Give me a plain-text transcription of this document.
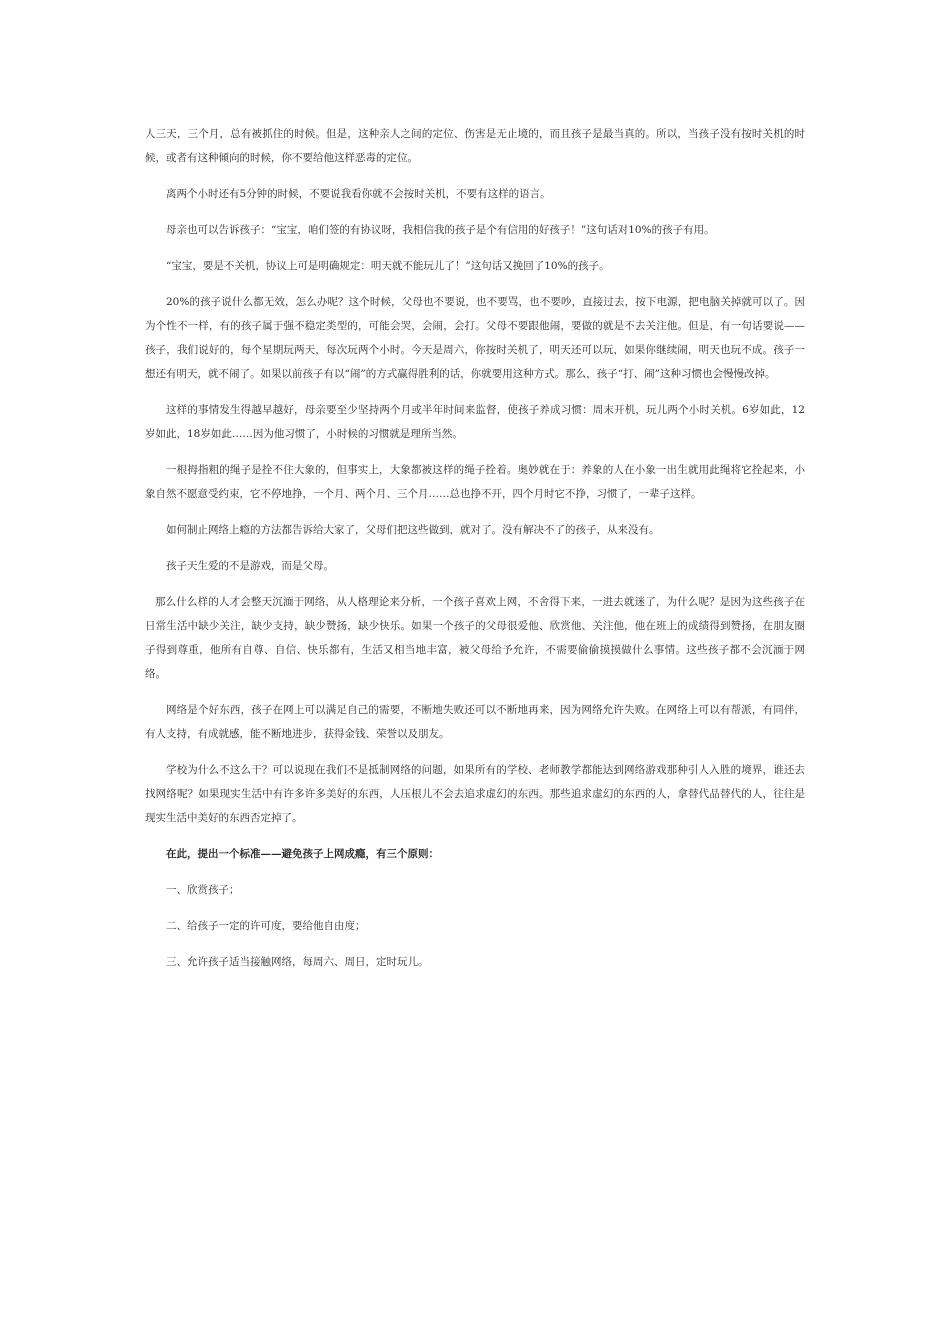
人三天，三个月，总有被抓住的时候。但是，这种亲人之间的定位、伤害是无止境的，而且孩子是最当真的。所以，当孩子没有按时关机的时候，或者有这种倾向的时候，你不要给他这样恶毒的定位。

离两个小时还有5分钟的时候，不要说我看你就不会按时关机，不要有这样的语言。

母亲也可以告诉孩子：“宝宝，咱们签的有协议呀，我相信我的孩子是个有信用的好孩子！”这句话对10%的孩子有用。

“宝宝，要是不关机，协议上可是明确规定：明天就不能玩儿了！”这句话又挽回了10%的孩子。

20%的孩子说什么都无效，怎么办呢？这个时候，父母也不要说，也不要骂，也不要吵，直接过去，按下电源，把电脑关掉就可以了。因为个性不一样，有的孩子属于强不稳定类型的，可能会哭，会闹，会打。父母不要跟他闹，要做的就是不去关注他。但是，有一句话要说——孩子，我们说好的，每个星期玩两天，每次玩两个小时。今天是周六，你按时关机了，明天还可以玩，如果你继续闹，明天也玩不成。孩子一想还有明天，就不闹了。如果以前孩子有以“闹”的方式赢得胜利的话，你就要用这种方式。那么，孩子“打、闹”这种习惯也会慢慢改掉。

这样的事情发生得越早越好，母亲要至少坚持两个月或半年时间来监督，使孩子养成习惯：周末开机，玩儿两个小时关机。6岁如此，12岁如此，18岁如此……因为他习惯了，小时候的习惯就是理所当然。

一根拇指粗的绳子是拴不住大象的，但事实上，大象都被这样的绳子拴着。奥妙就在于：养象的人在小象一出生就用此绳将它拴起来，小象自然不愿意受约束，它不停地挣，一个月、两个月、三个月……总也挣不开，四个月时它不挣，习惯了，一辈子这样。

如何制止网络上瘾的方法都告诉给大家了，父母们把这些做到，就对了。没有解决不了的孩子，从来没有。

孩子天生爱的不是游戏，而是父母。

那么什么样的人才会整天沉湎于网络，从人格理论来分析，一个孩子喜欢上网，不舍得下来，一进去就迷了，为什么呢？是因为这些孩子在日常生活中缺少关注，缺少支持，缺少赞扬，缺少快乐。如果一个孩子的父母很爱他、欣赏他、关注他，他在班上的成绩得到赞扬，在朋友圈子得到尊重，他所有自尊、自信、快乐都有，生活又相当地丰富，被父母给予允许，不需要偷偷摸摸做什么事情。这些孩子都不会沉湎于网络。

网络是个好东西，孩子在网上可以满足自己的需要，不断地失败还可以不断地再来，因为网络允许失败。在网络上可以有帮派，有同伴，有人支持，有成就感，能不断地进步，获得金钱、荣誉以及朋友。

学校为什么不这么干？可以说现在我们不是抵制网络的问题，如果所有的学校、老师教学都能达到网络游戏那种引人入胜的境界，谁还去找网络呢？如果现实生活中有许多许多美好的东西，人压根儿不会去追求虚幻的东西。那些追求虚幻的东西的人，拿替代品替代的人，往往是现实生活中美好的东西否定掉了。

在此，提出一个标准——避免孩子上网成瘾，有三个原则：

一、欣赏孩子；

二、给孩子一定的许可度，要给他自由度；

三、允许孩子适当接触网络，每周六、周日，定时玩儿。
